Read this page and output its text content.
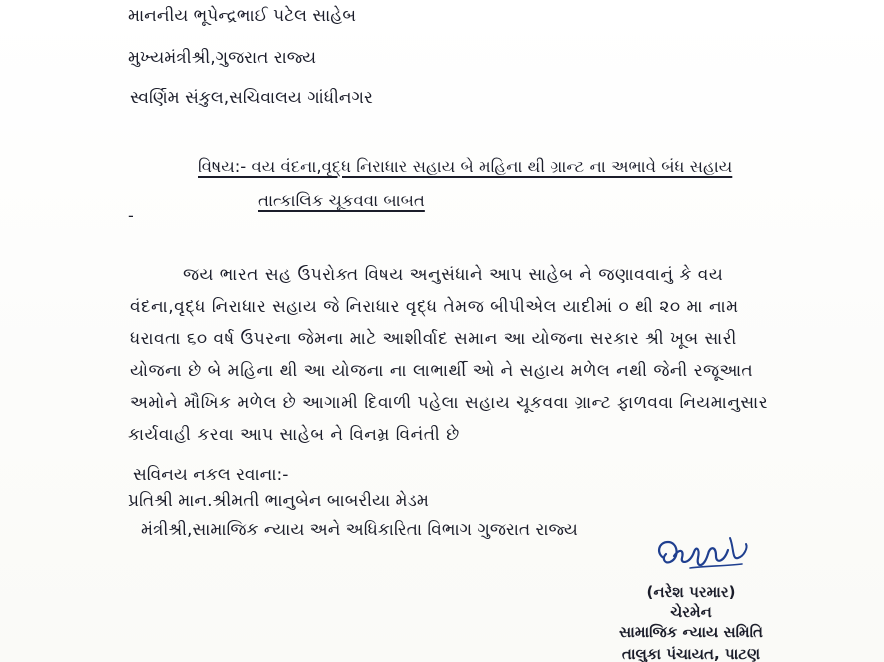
માનનીય ભૂપેન્દ્રભાઈ પટેલ સાહેબ
મુખ્યમંત્રીશ્રી,ગુજરાત રાજ્ય
સ્વર્ણિમ સંકુલ,સચિવાલય ગાંધીનગર
વિષય:- વય વંદના,વૃદ્ધ નિરાધાર સહાય બે મહિના થી ગ્રાન્ટ ના અભાવે બંધ સહાય
તાત્કાલિક ચૂકવવા બાબત
-
જય ભારત સહ ઉપરોક્ત વિષય અનુસંધાને આપ સાહેબ ને જણાવવાનું કે વય
વંદના,વૃદ્ધ નિરાધાર સહાય જે નિરાધાર વૃદ્ધ તેમજ બીપીએલ યાદીમાં ૦ થી ૨૦ મા નામ
ધરાવતા ૬૦ વર્ષ ઉપરના જેમના માટે આશીર્વાદ સમાન આ યોજના સરકાર શ્રી ખૂબ સારી
યોજના છે બે મહિના થી આ યોજના ના લાભાર્થી ઓ ને સહાય મળેલ નથી જેની રજૂઆત
અમોને મૌખિક મળેલ છે આગામી દિવાળી પહેલા સહાય ચૂકવવા ગ્રાન્ટ ફાળવવા નિયમાનુસાર
કાર્યવાહી કરવા આપ સાહેબ ને વિનમ્ર વિનંતી છે
સવિનય નકલ રવાના:-
પ્રતિશ્રી માન.શ્રીમતી ભાનુબેન બાબરીયા મેડમ
મંત્રીશ્રી,સામાજિક ન્યાય અને અધિકારિતા વિભાગ ગુજરાત રાજ્ય
(નરેશ પરમાર)
ચેરમેન
સામાજિક ન્યાય સમિતિ
તાલુકા પંચાયત, પાટણ
